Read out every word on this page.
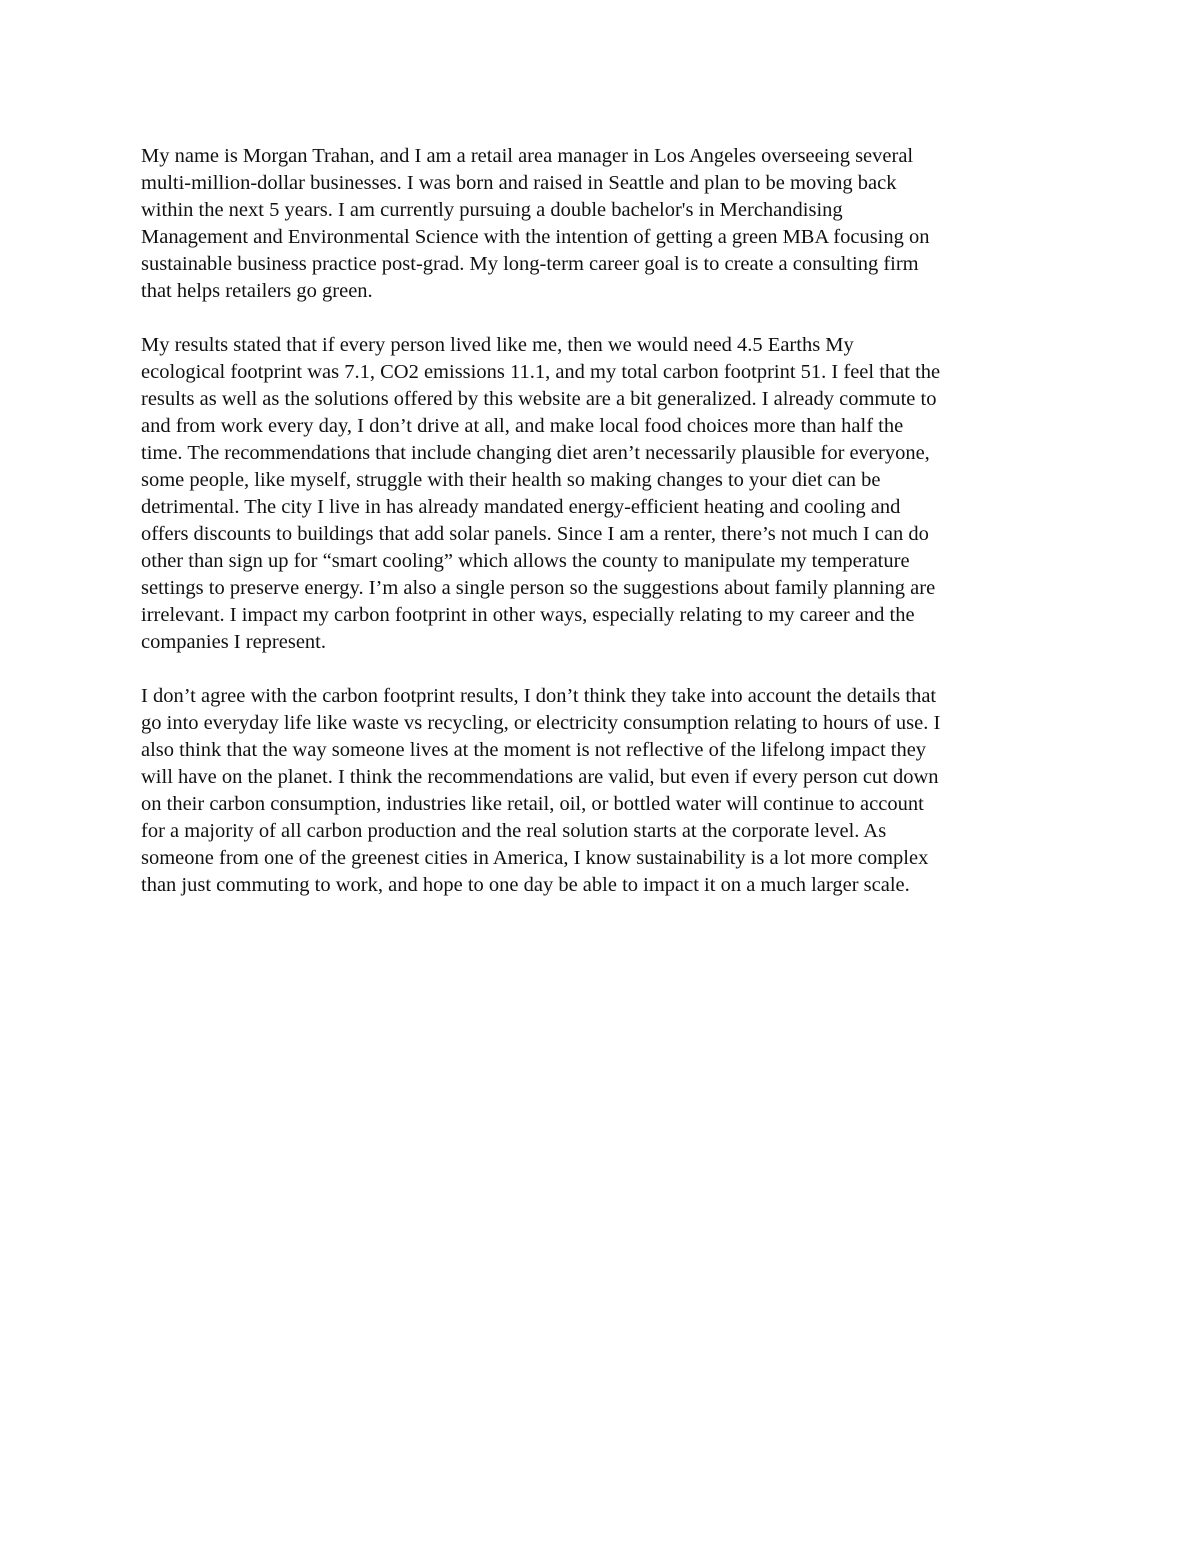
My name is Morgan Trahan, and I am a retail area manager in Los Angeles overseeing several
multi-million-dollar businesses. I was born and raised in Seattle and plan to be moving back
within the next 5 years. I am currently pursuing a double bachelor's in Merchandising
Management and Environmental Science with the intention of getting a green MBA focusing on
sustainable business practice post-grad. My long-term career goal is to create a consulting firm
that helps retailers go green.

My results stated that if every person lived like me, then we would need 4.5 Earths My
ecological footprint was 7.1, CO2 emissions 11.1, and my total carbon footprint 51. I feel that the
results as well as the solutions offered by this website are a bit generalized. I already commute to
and from work every day, I don’t drive at all, and make local food choices more than half the
time. The recommendations that include changing diet aren’t necessarily plausible for everyone,
some people, like myself, struggle with their health so making changes to your diet can be
detrimental. The city I live in has already mandated energy-efficient heating and cooling and
offers discounts to buildings that add solar panels. Since I am a renter, there’s not much I can do
other than sign up for “smart cooling” which allows the county to manipulate my temperature
settings to preserve energy. I’m also a single person so the suggestions about family planning are
irrelevant. I impact my carbon footprint in other ways, especially relating to my career and the
companies I represent.

I don’t agree with the carbon footprint results, I don’t think they take into account the details that
go into everyday life like waste vs recycling, or electricity consumption relating to hours of use. I
also think that the way someone lives at the moment is not reflective of the lifelong impact they
will have on the planet. I think the recommendations are valid, but even if every person cut down
on their carbon consumption, industries like retail, oil, or bottled water will continue to account
for a majority of all carbon production and the real solution starts at the corporate level. As
someone from one of the greenest cities in America, I know sustainability is a lot more complex
than just commuting to work, and hope to one day be able to impact it on a much larger scale.
